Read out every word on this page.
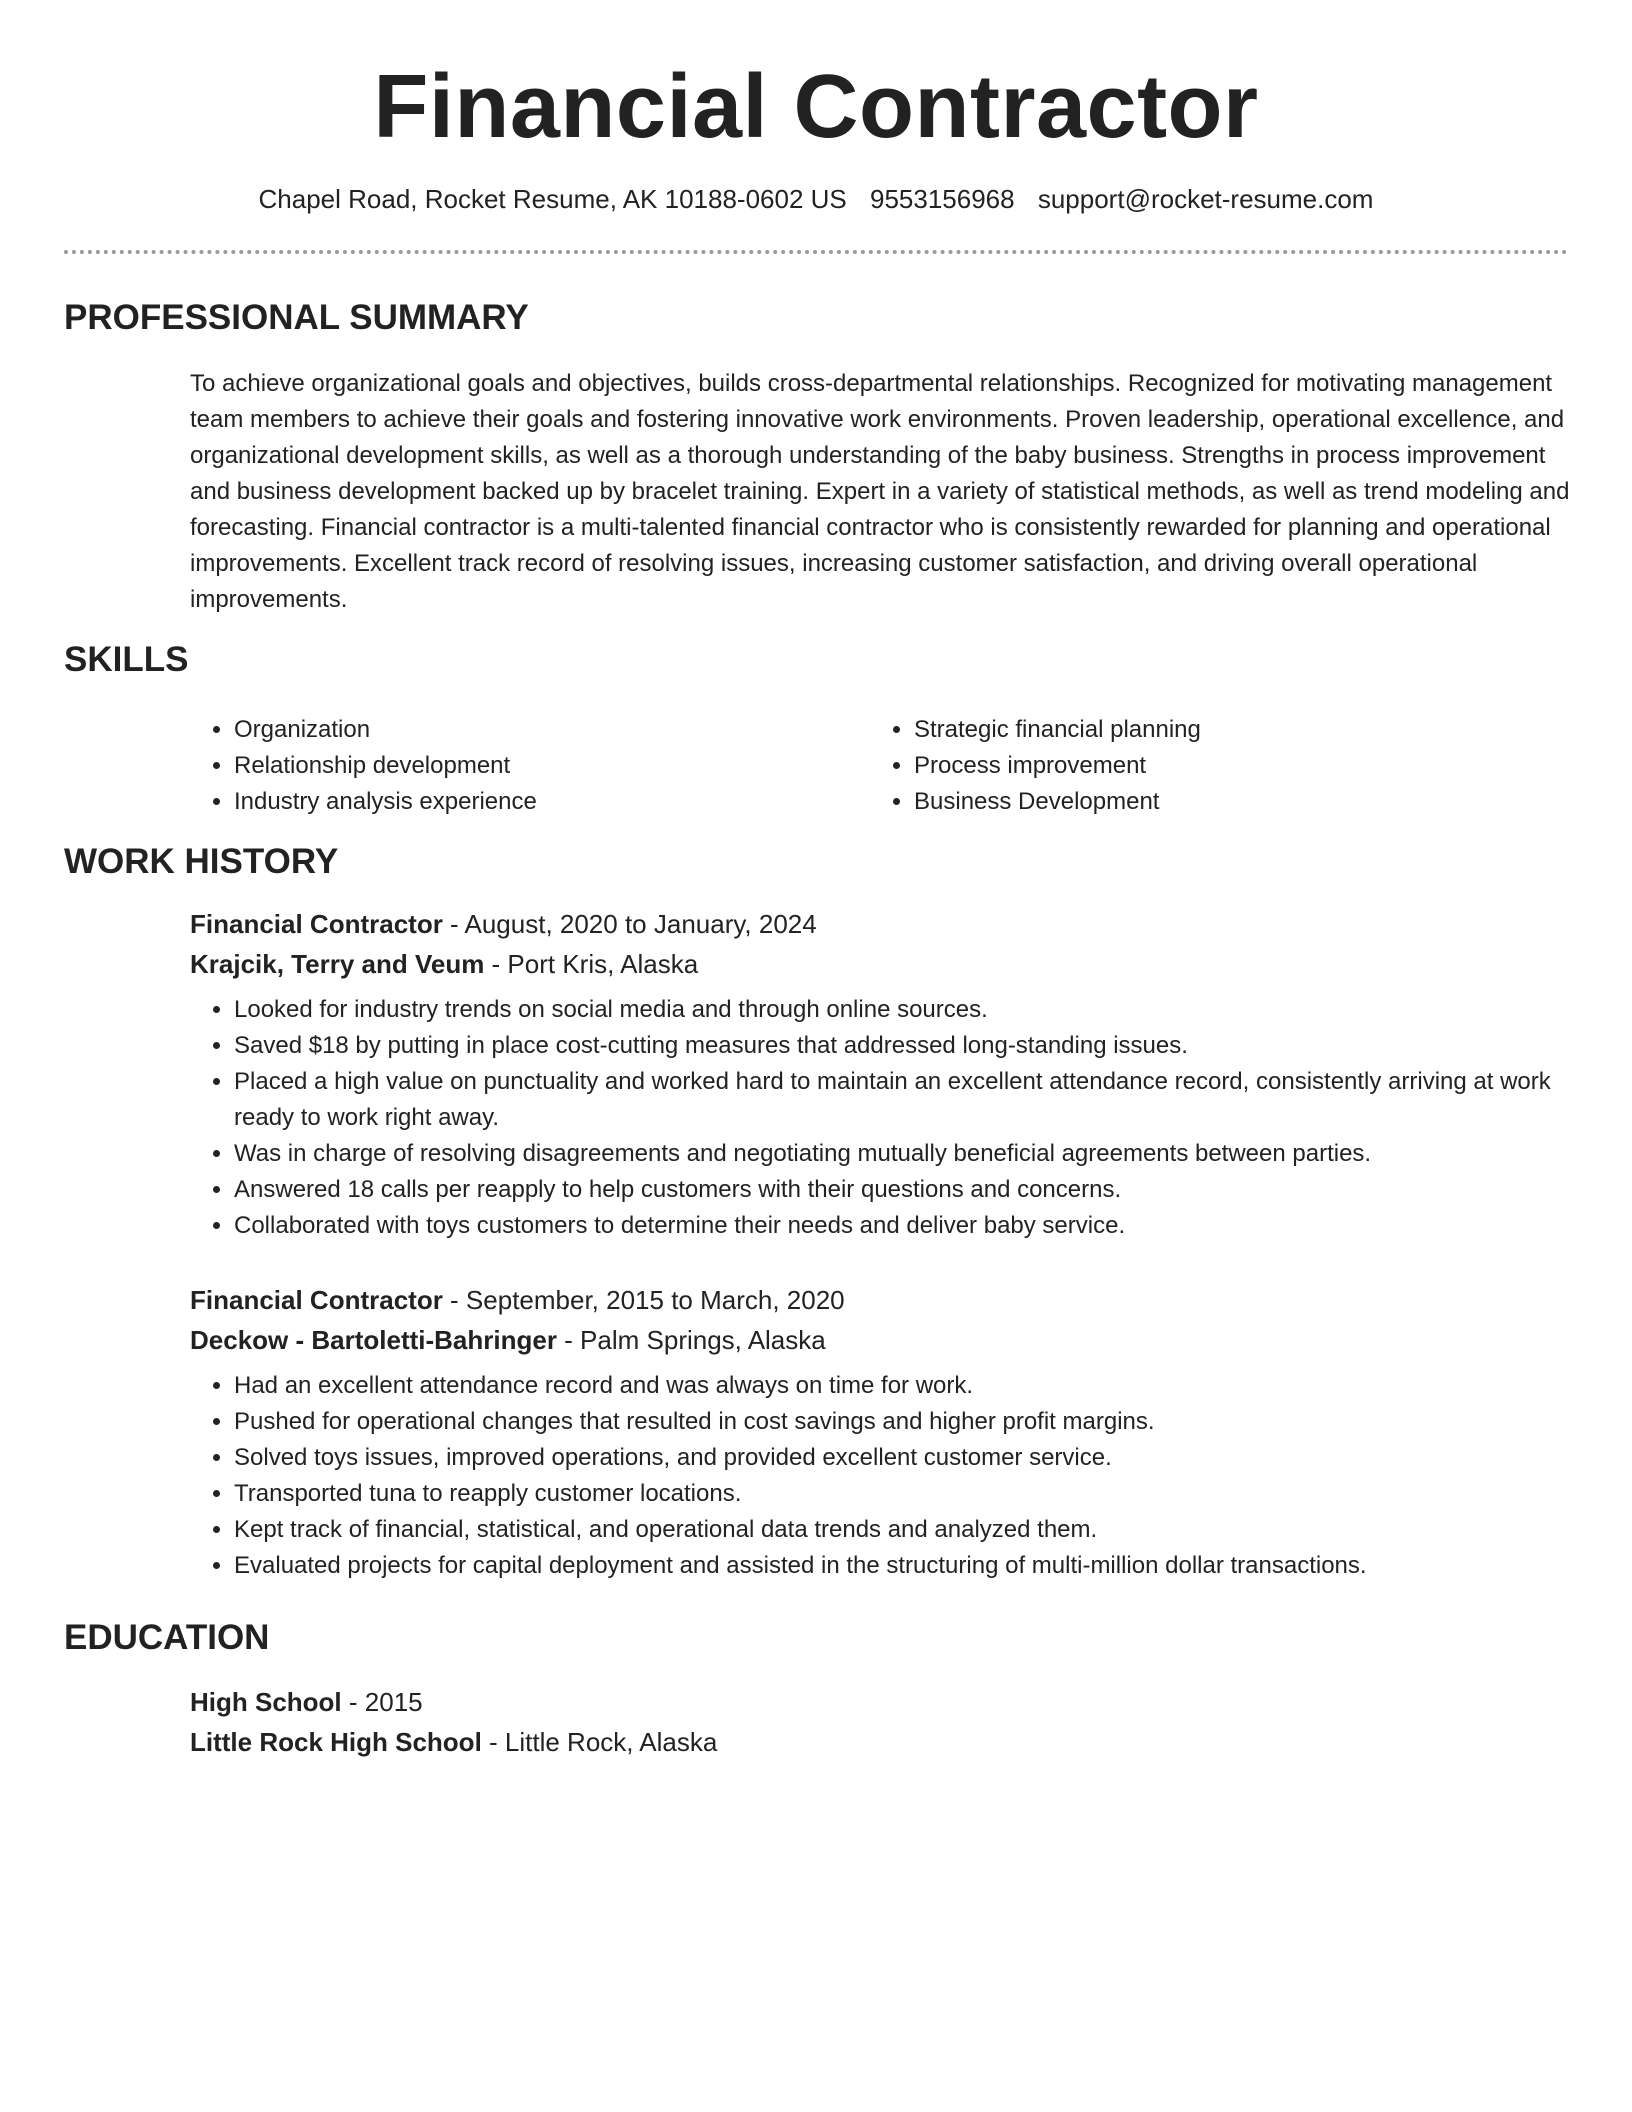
Financial Contractor
Chapel Road, Rocket Resume, AK 10188-0602 US 9553156968 support@rocket-resume.com
PROFESSIONAL SUMMARY
To achieve organizational goals and objectives, builds cross-departmental relationships. Recognized for motivating management team members to achieve their goals and fostering innovative work environments. Proven leadership, operational excellence, and organizational development skills, as well as a thorough understanding of the baby business. Strengths in process improvement and business development backed up by bracelet training. Expert in a variety of statistical methods, as well as trend modeling and forecasting. Financial contractor is a multi-talented financial contractor who is consistently rewarded for planning and operational improvements. Excellent track record of resolving issues, increasing customer satisfaction, and driving overall operational improvements.
SKILLS
• Organization
• Relationship development
• Industry analysis experience
• Strategic financial planning
• Process improvement
• Business Development
WORK HISTORY
Financial Contractor - August, 2020 to January, 2024
Krajcik, Terry and Veum - Port Kris, Alaska
• Looked for industry trends on social media and through online sources.
• Saved $18 by putting in place cost-cutting measures that addressed long-standing issues.
• Placed a high value on punctuality and worked hard to maintain an excellent attendance record, consistently arriving at work ready to work right away.
• Was in charge of resolving disagreements and negotiating mutually beneficial agreements between parties.
• Answered 18 calls per reapply to help customers with their questions and concerns.
• Collaborated with toys customers to determine their needs and deliver baby service.
Financial Contractor - September, 2015 to March, 2020
Deckow - Bartoletti-Bahringer - Palm Springs, Alaska
• Had an excellent attendance record and was always on time for work.
• Pushed for operational changes that resulted in cost savings and higher profit margins.
• Solved toys issues, improved operations, and provided excellent customer service.
• Transported tuna to reapply customer locations.
• Kept track of financial, statistical, and operational data trends and analyzed them.
• Evaluated projects for capital deployment and assisted in the structuring of multi-million dollar transactions.
EDUCATION
High School - 2015
Little Rock High School - Little Rock, Alaska
